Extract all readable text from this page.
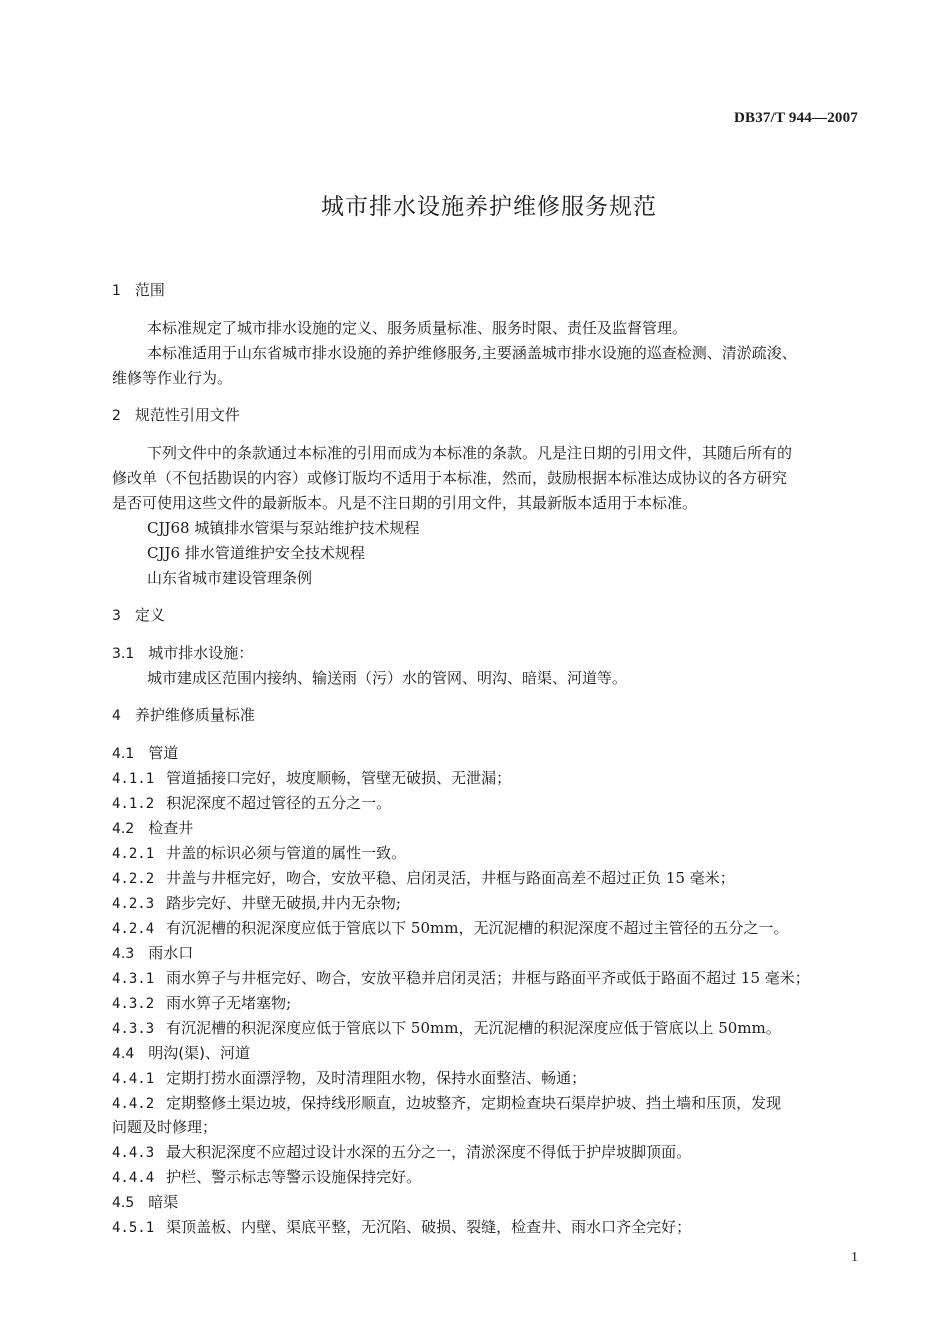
DB37/T 944—2007
城市排水设施养护维修服务规范
1 范围
本标准规定了城市排水设施的定义、服务质量标准、服务时限、责任及监督管理。
本标准适用于山东省城市排水设施的养护维修服务,主要涵盖城市排水设施的巡查检测、清淤疏浚、
维修等作业行为。
2 规范性引用文件
下列文件中的条款通过本标准的引用而成为本标准的条款。凡是注日期的引用文件，其随后所有的
修改单（不包括勘误的内容）或修订版均不适用于本标准，然而，鼓励根据本标准达成协议的各方研究
是否可使用这些文件的最新版本。凡是不注日期的引用文件，其最新版本适用于本标准。
CJJ68 城镇排水管渠与泵站维护技术规程
CJJ6 排水管道维护安全技术规程
山东省城市建设管理条例
3 定义
3.1 城市排水设施：
城市建成区范围内接纳、输送雨（污）水的管网、明沟、暗渠、河道等。
4 养护维修质量标准
4.1 管道
4.1.1 管道插接口完好，坡度顺畅，管壁无破损、无泄漏；
4.1.2 积泥深度不超过管径的五分之一。
4.2 检查井
4.2.1 井盖的标识必须与管道的属性一致。
4.2.2 井盖与井框完好，吻合，安放平稳、启闭灵活，井框与路面高差不超过正负 15 毫米；
4.2.3 踏步完好、井壁无破损,井内无杂物;
4.2.4 有沉泥槽的积泥深度应低于管底以下 50mm，无沉泥槽的积泥深度不超过主管径的五分之一。
4.3 雨水口
4.3.1 雨水箅子与井框完好、吻合，安放平稳并启闭灵活；井框与路面平齐或低于路面不超过 15 毫米；
4.3.2 雨水箅子无堵塞物;
4.3.3 有沉泥槽的积泥深度应低于管底以下 50mm，无沉泥槽的积泥深度应低于管底以上 50mm。
4.4 明沟(渠)、河道
4.4.1 定期打捞水面漂浮物，及时清理阻水物，保持水面整洁、畅通；
4.4.2 定期整修土渠边坡，保持线形顺直，边坡整齐，定期检查块石渠岸护坡、挡土墙和压顶，发现
问题及时修理；
4.4.3 最大积泥深度不应超过设计水深的五分之一，清淤深度不得低于护岸坡脚顶面。
4.4.4 护栏、警示标志等警示设施保持完好。
4.5 暗渠
4.5.1 渠顶盖板、内壁、渠底平整，无沉陷、破损、裂缝，检查井、雨水口齐全完好；
1
